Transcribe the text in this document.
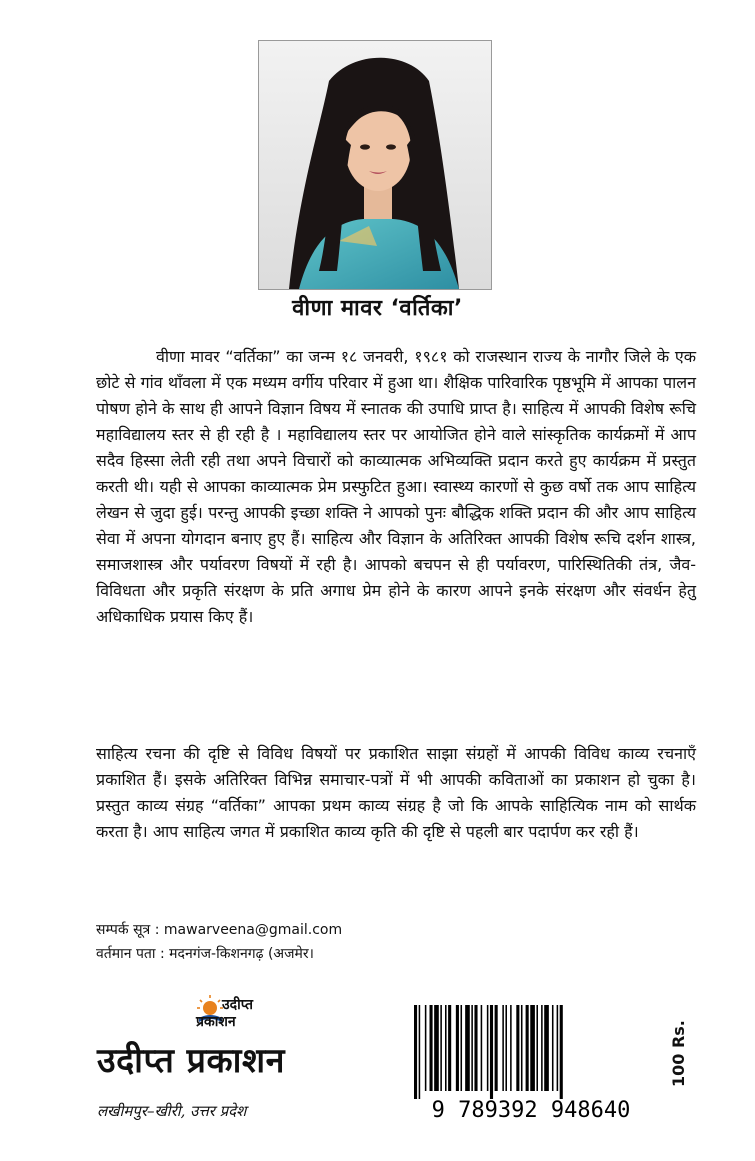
वीणा मावर ‘वर्तिका’

वीणा मावर “वर्तिका” का जन्म १८ जनवरी, १९८१ को राजस्थान राज्य के नागौर जिले के एक छोटे से गांव थाँवला में एक मध्यम वर्गीय परिवार में हुआ था। शैक्षिक पारिवारिक पृष्ठभूमि में आपका पालन पोषण होने के साथ ही आपने विज्ञान विषय में स्नातक की उपाधि प्राप्त है। साहित्य में आपकी विशेष रूचि महाविद्यालय स्तर से ही रही है । महाविद्यालय स्तर पर आयोजित होने वाले सांस्कृतिक कार्यक्रमों में आप सदैव हिस्सा लेती रही तथा अपने विचारों को काव्यात्मक अभिव्यक्ति प्रदान करते हुए कार्यक्रम में प्रस्तुत करती थी। यही से आपका काव्यात्मक प्रेम प्रस्फुटित हुआ। स्वास्थ्य कारणों से कुछ वर्षो तक आप साहित्य लेखन से जुदा हुई। परन्तु आपकी इच्छा शक्ति ने आपको पुनः बौद्धिक शक्ति प्रदान की और आप साहित्य सेवा में अपना योगदान बनाए हुए हैं। साहित्य और विज्ञान के अतिरिक्त आपकी विशेष रूचि दर्शन शास्त्र, समाजशास्त्र और पर्यावरण विषयों में रही है। आपको बचपन से ही पर्यावरण, पारिस्थितिकी तंत्र, जैव-विविधता और प्रकृति संरक्षण के प्रति अगाध प्रेम होने के कारण आपने इनके संरक्षण और संवर्धन हेतु अधिकाधिक प्रयास किए हैं।

साहित्य रचना की दृष्टि से विविध विषयों पर प्रकाशित साझा संग्रहों में आपकी विविध काव्य रचनाएँ प्रकाशित हैं। इसके अतिरिक्त विभिन्न समाचार-पत्रों में भी आपकी कविताओं का प्रकाशन हो चुका है। प्रस्तुत काव्य संग्रह “वर्तिका” आपका प्रथम काव्य संग्रह है जो कि आपके साहित्यिक नाम को सार्थक करता है। आप साहित्य जगत में प्रकाशित काव्य कृति की दृष्टि से पहली बार पदार्पण कर रही हैं।

सम्पर्क सूत्र : mawarveena@gmail.com
वर्तमान पता : मदनगंज-किशनगढ़ (अजमेर।
उदीप्त
प्रकाशन
उदीप्त प्रकाशन
लखीमपुर–खीरी, उत्तर प्रदेश	9 789392 948640
100 Rs.
